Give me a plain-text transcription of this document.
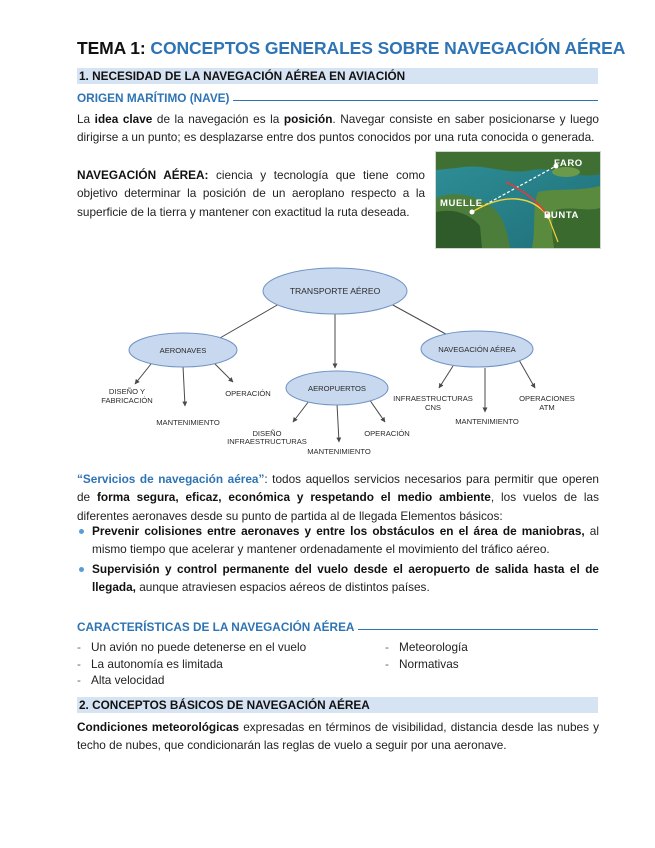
TEMA 1: CONCEPTOS GENERALES SOBRE NAVEGACIÓN AÉREA
1. NECESIDAD DE LA NAVEGACIÓN AÉREA EN AVIACIÓN
ORIGEN MARÍTIMO (NAVE)

La idea clave de la navegación es la posición. Navegar consiste en saber posicionarse y luego dirigirse a un punto; es desplazarse entre dos puntos conocidos por una ruta conocida o generada.

NAVEGACIÓN AÉREA: ciencia y tecnología que tiene como objetivo determinar la posición de un aeroplano respecto a la superficie de la tierra y mantener con exactitud la ruta deseada.

FARO
MUELLE
PUNTA
TRANSPORTE AÉREO
AERONAVES
AEROPUERTOS
NAVEGACIÓN AÉREA
DISEÑO Y
FABRICACIÓN
OPERACIÓN
MANTENIMIENTO
DISEÑO
INFRAESTRUCTURAS
OPERACIÓN
MANTENIMIENTO
INFRAESTRUCTURAS
CNS
MANTENIMIENTO
OPERACIONES
ATM

“Servicios de navegación aérea”: todos aquellos servicios necesarios para permitir que operen de forma segura, eficaz, económica y respetando el medio ambiente, los vuelos de las diferentes aeronaves desde su punto de partida al de llegada Elementos básicos:

Prevenir colisiones entre aeronaves y entre los obstáculos en el área de maniobras, al mismo tiempo que acelerar y mantener ordenadamente el movimiento del tráfico aéreo.
Supervisión y control permanente del vuelo desde el aeropuerto de salida hasta el de llegada, aunque atraviesen espacios aéreos de distintos países.
CARACTERÍSTICAS DE LA NAVEGACIÓN AÉREA
- Un avión no puede detenerse en el vuelo
- La autonomía es limitada
- Alta velocidad
- Meteorología
- Normativas
2. CONCEPTOS BÁSICOS DE NAVEGACIÓN AÉREA

Condiciones meteorológicas expresadas en términos de visibilidad, distancia desde las nubes y techo de nubes, que condicionarán las reglas de vuelo a seguir por una aeronave.
